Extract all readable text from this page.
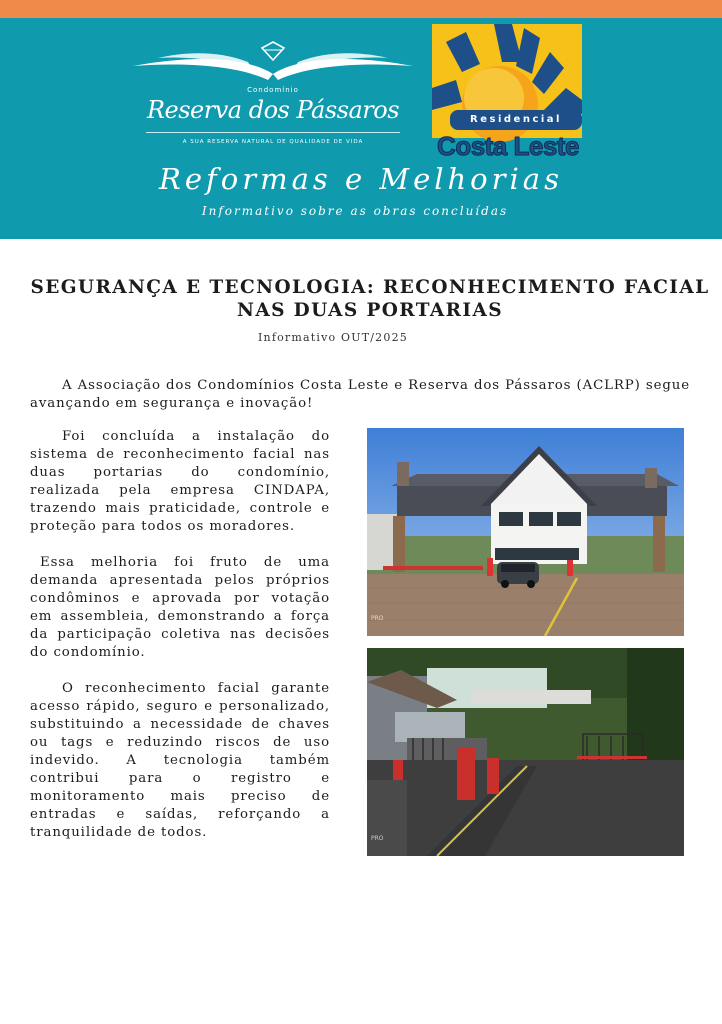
Condomínio
Reserva dos Pássaros
A SUA RESERVA NATURAL DE QUALIDADE DE VIDA
Residencial
Costa Leste
Reformas e Melhorias
Informativo sobre as obras concluídas
SEGURANÇA E TECNOLOGIA: RECONHECIMENTO FACIAL NAS DUAS PORTARIAS
Informativo OUT/2025

A Associação dos Condomínios Costa Leste e Reserva dos Pássaros (ACLRP) segue avançando em segurança e inovação!

Foi concluída a instalação do sistema de reconhecimento facial nas duas portarias do condomínio, realizada pela empresa CINDAPA, trazendo mais praticidade, controle e proteção para todos os moradores.

Essa melhoria foi fruto de uma demanda apresentada pelos próprios condôminos e aprovada por votação em assembleia, demonstrando a força da participação coletiva nas decisões do condomínio.

O reconhecimento facial garante acesso rápido, seguro e personalizado, substituindo a necessidade de chaves ou tags e reduzindo riscos de uso indevido. A tecnologia também contribui para o registro e monitoramento mais preciso de entradas e saídas, reforçando a tranquilidade de todos.

PRO
PRO
